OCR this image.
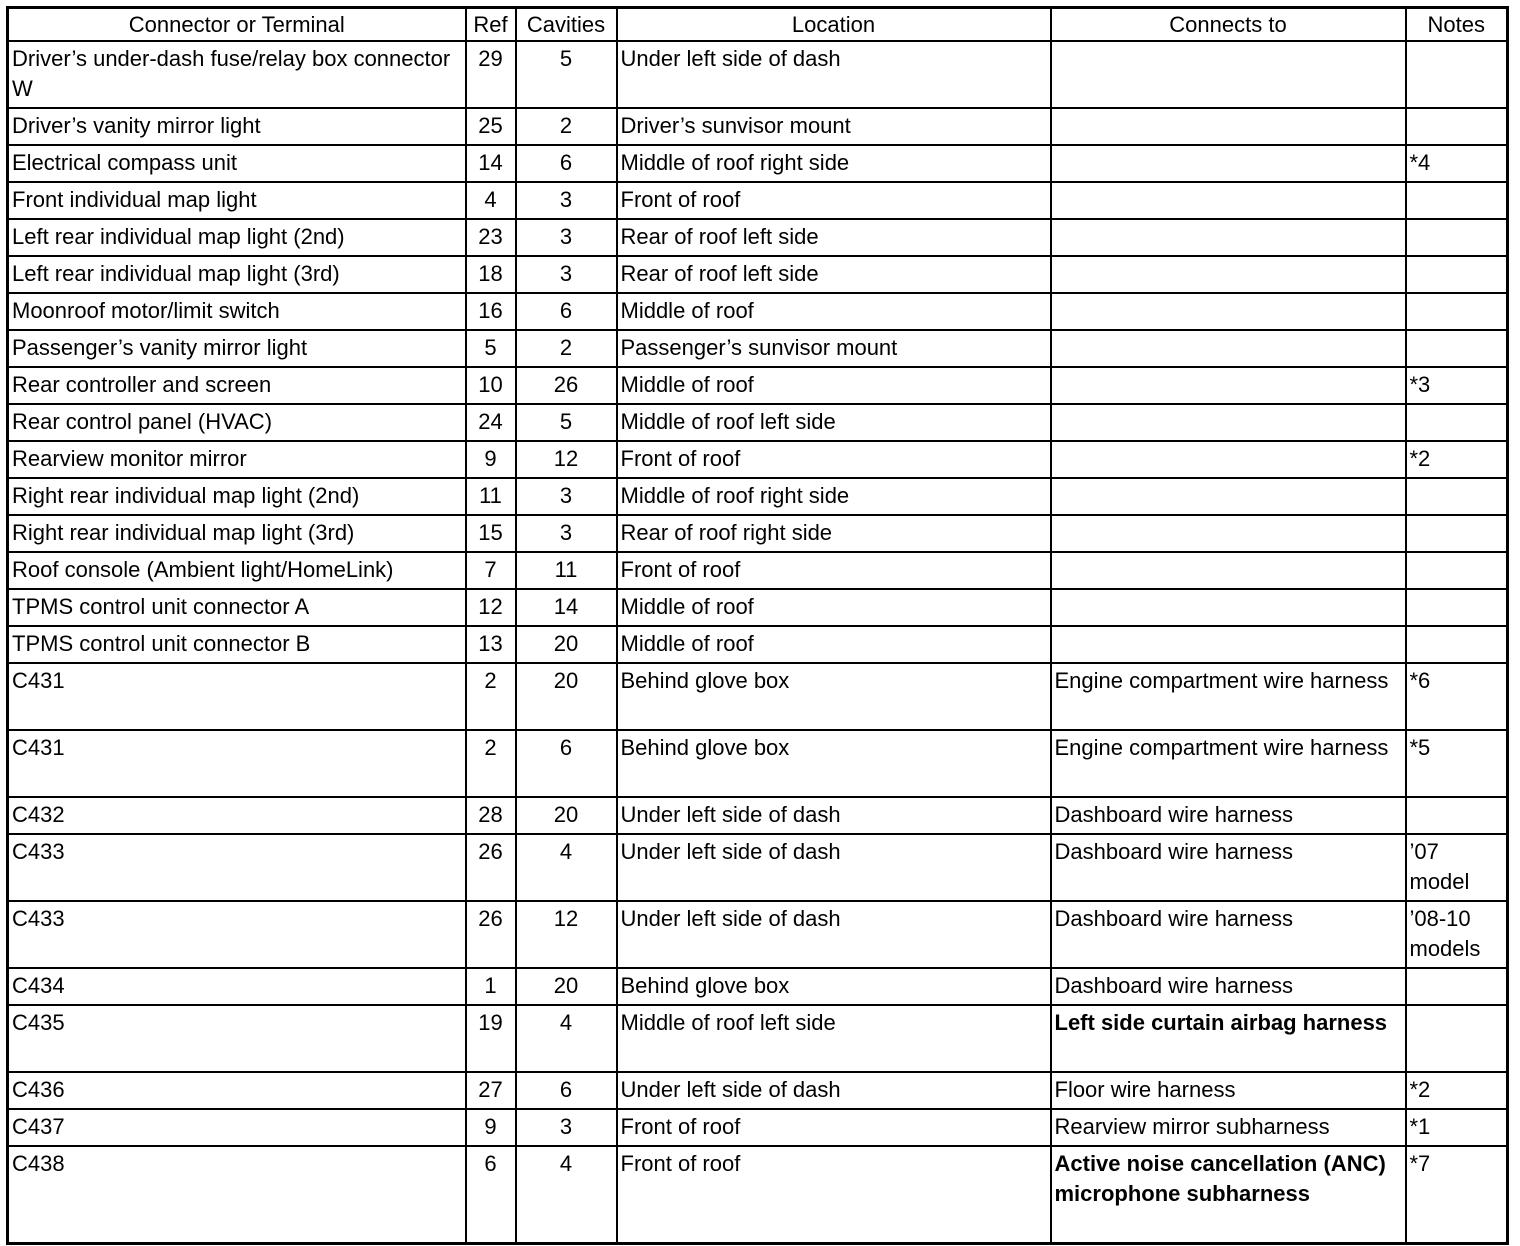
Connector or Terminal	Ref	Cavities	Location	Connects to	Notes
Driver’s under-dash fuse/relay box connector W	29	5	Under left side of dash		
Driver’s vanity mirror light	25	2	Driver’s sunvisor mount		
Electrical compass unit	14	6	Middle of roof right side		*4
Front individual map light	4	3	Front of roof		
Left rear individual map light (2nd)	23	3	Rear of roof left side		
Left rear individual map light (3rd)	18	3	Rear of roof left side		
Moonroof motor/limit switch	16	6	Middle of roof		
Passenger’s vanity mirror light	5	2	Passenger’s sunvisor mount		
Rear controller and screen	10	26	Middle of roof		*3
Rear control panel (HVAC)	24	5	Middle of roof left side		
Rearview monitor mirror	9	12	Front of roof		*2
Right rear individual map light (2nd)	11	3	Middle of roof right side		
Right rear individual map light (3rd)	15	3	Rear of roof right side		
Roof console (Ambient light/HomeLink)	7	11	Front of roof		
TPMS control unit connector A	12	14	Middle of roof		
TPMS control unit connector B	13	20	Middle of roof		
C431	2	20	Behind glove box	Engine compartment wire harness	*6
C431	2	6	Behind glove box	Engine compartment wire harness	*5
C432	28	20	Under left side of dash	Dashboard wire harness	
C433	26	4	Under left side of dash	Dashboard wire harness	’07 model
C433	26	12	Under left side of dash	Dashboard wire harness	’08-10 models
C434	1	20	Behind glove box	Dashboard wire harness	
C435	19	4	Middle of roof left side	Left side curtain airbag harness	
C436	27	6	Under left side of dash	Floor wire harness	*2
C437	9	3	Front of roof	Rearview mirror subharness	*1
C438	6	4	Front of roof	Active noise cancellation (ANC) microphone subharness	*7
